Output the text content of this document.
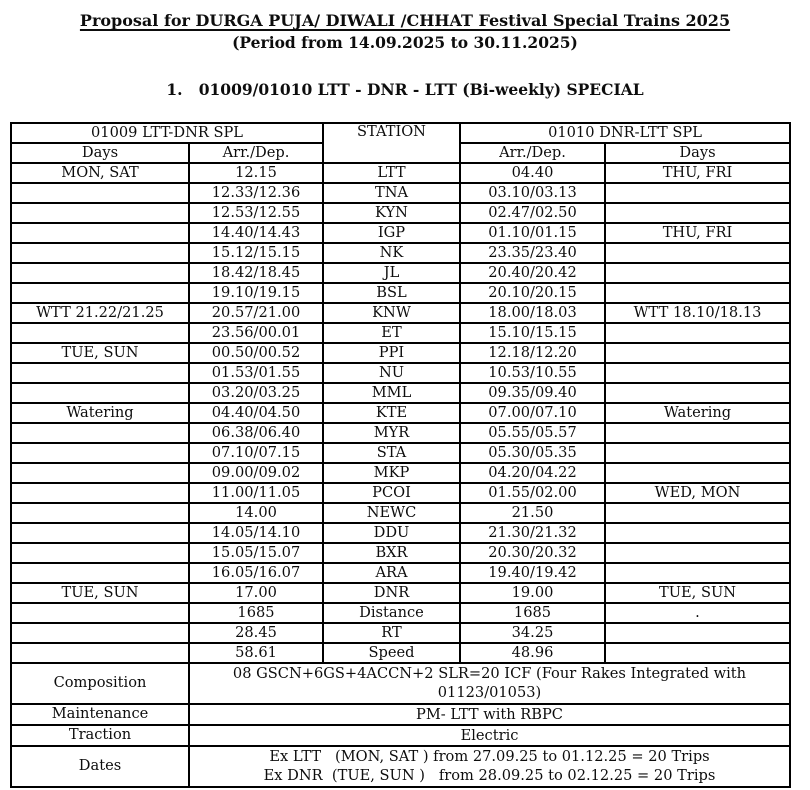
Proposal for DURGA PUJA/ DIWALI /CHHAT Festival Special Trains 2025
(Period from 14.09.2025 to 30.11.2025)
1.   01009/01010 LTT - DNR - LTT (Bi-weekly) SPECIAL
01009 LTT-DNR SPL		STATION	01010 DNR-LTT SPL	
Days	Arr./Dep.		Arr./Dep.	Days
MON, SAT	12.15	LTT	04.40	THU, FRI
	12.33/12.36	TNA	03.10/03.13	
	12.53/12.55	KYN	02.47/02.50	
	14.40/14.43	IGP	01.10/01.15	THU, FRI
	15.12/15.15	NK	23.35/23.40	
	18.42/18.45	JL	20.40/20.42	
	19.10/19.15	BSL	20.10/20.15	
WTT 21.22/21.25	20.57/21.00	KNW	18.00/18.03	WTT 18.10/18.13
	23.56/00.01	ET	15.10/15.15	
TUE, SUN	00.50/00.52	PPI	12.18/12.20	
	01.53/01.55	NU	10.53/10.55	
	03.20/03.25	MML	09.35/09.40	
Watering	04.40/04.50	KTE	07.00/07.10	Watering
	06.38/06.40	MYR	05.55/05.57	
	07.10/07.15	STA	05.30/05.35	
	09.00/09.02	MKP	04.20/04.22	
	11.00/11.05	PCOI	01.55/02.00	WED, MON
	14.00	NEWC	21.50	
	14.05/14.10	DDU	21.30/21.32	
	15.05/15.07	BXR	20.30/20.32	
	16.05/16.07	ARA	19.40/19.42	
TUE, SUN	17.00	DNR	19.00	TUE, SUN
	1685	Distance	1685	.
	28.45	RT	34.25	
	58.61	Speed	48.96	
Composition	08 GSCN+6GS+4ACCN+2 SLR=20 ICF (Four Rakes Integrated with
01123/01053)			

Maintenance	PM- LTT with RBPC			

Traction	Electric			

Dates	Ex LTT   (MON, SAT ) from 27.09.25 to 01.12.25 = 20 Trips
Ex DNR  (TUE, SUN )   from 28.09.25 to 02.12.25 = 20 Trips			
